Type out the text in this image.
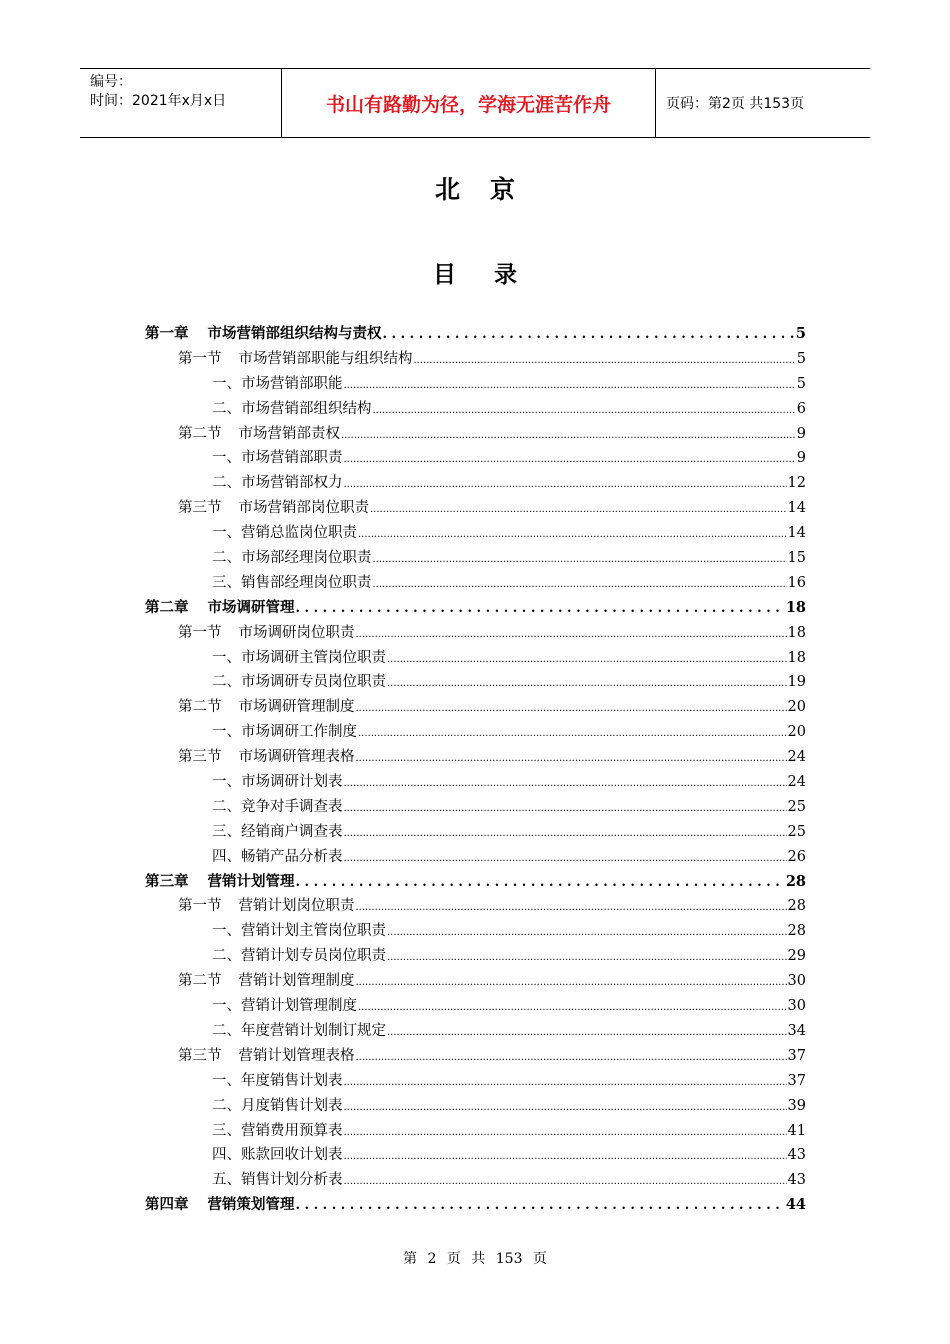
编号：
时间：2021年x月x日	书山有路勤为径，学海无涯苦作舟	页码：第2页 共153页
北京
目录
第一章 市场营销部组织结构与责权 . . .	5
第一节 市场营销部职能与组织结构 .....	5
一、市场营销部职能 .....	5
二、市场营销部组织结构 .....	6
第二节 市场营销部责权 .....	9
一、市场营销部职责 .....	9
二、市场营销部权力 .....	12
第三节 市场营销部岗位职责 .....	14
一、营销总监岗位职责 .....	14
二、市场部经理岗位职责 .....	15
三、销售部经理岗位职责 .....	16
第二章 市场调研管理 . . .	18
第一节 市场调研岗位职责 .....	18
一、市场调研主管岗位职责 .....	18
二、市场调研专员岗位职责 .....	19
第二节 市场调研管理制度 .....	20
一、市场调研工作制度 .....	20
第三节 市场调研管理表格 .....	24
一、市场调研计划表 .....	24
二、竞争对手调查表 .....	25
三、经销商户调查表 .....	25
四、畅销产品分析表 .....	26
第三章 营销计划管理 . . .	28
第一节 营销计划岗位职责 .....	28
一、营销计划主管岗位职责 .....	28
二、营销计划专员岗位职责 .....	29
第二节 营销计划管理制度 .....	30
一、营销计划管理制度 .....	30
二、年度营销计划制订规定 .....	34
第三节 营销计划管理表格 .....	37
一、年度销售计划表 .....	37
二、月度销售计划表 .....	39
三、营销费用预算表 .....	41
四、账款回收计划表 .....	43
五、销售计划分析表 .....	43
第四章 营销策划管理 . . .	44
第 2 页 共 153 页
